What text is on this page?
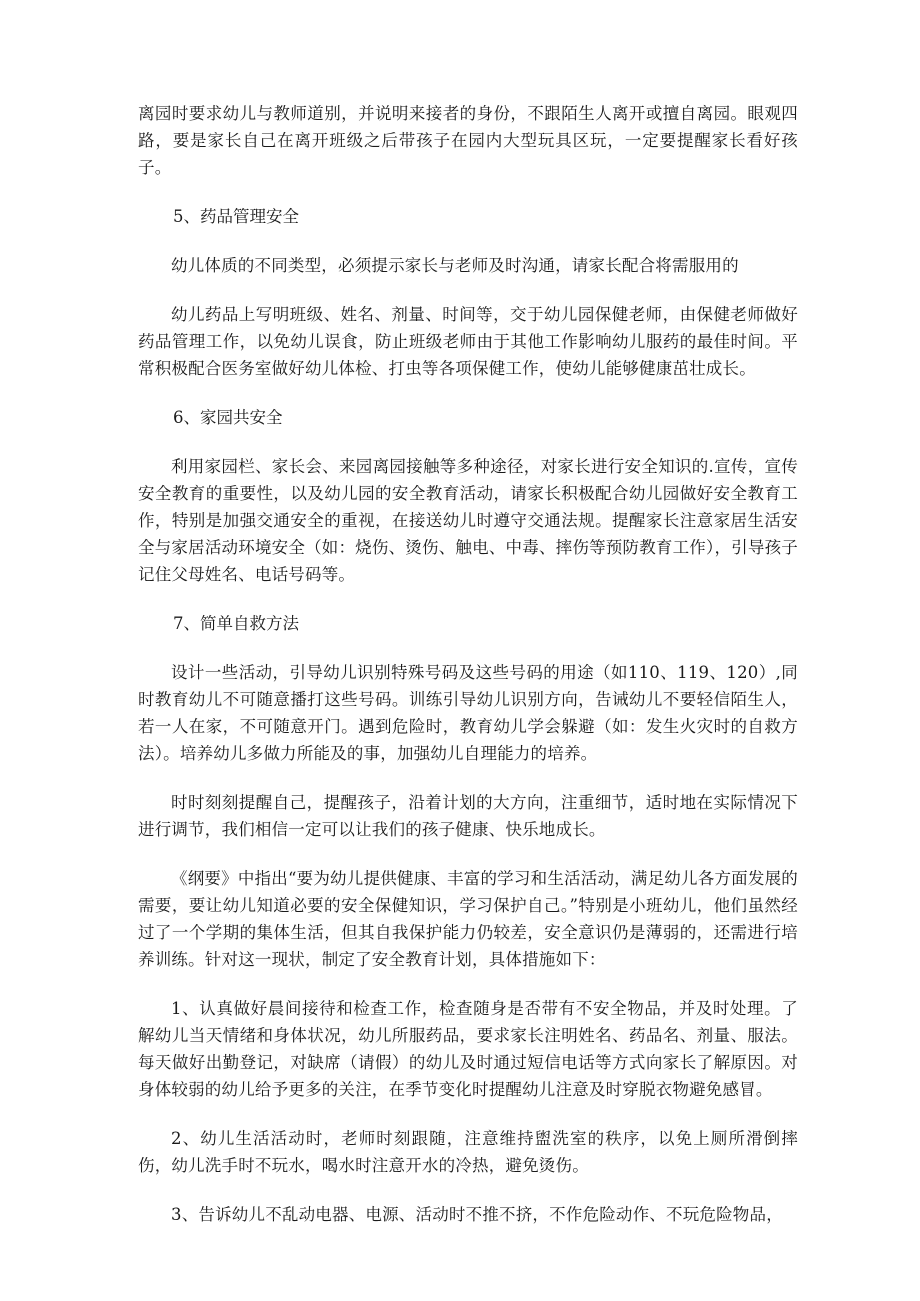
离园时要求幼儿与教师道别，并说明来接者的身份，不跟陌生人离开或擅自离园。眼观四路，要是家长自己在离开班级之后带孩子在园内大型玩具区玩，一定要提醒家长看好孩子。

5、药品管理安全

幼儿体质的不同类型，必须提示家长与老师及时沟通，请家长配合将需服用的

幼儿药品上写明班级、姓名、剂量、时间等，交于幼儿园保健老师，由保健老师做好药品管理工作，以免幼儿误食，防止班级老师由于其他工作影响幼儿服药的最佳时间。平常积极配合医务室做好幼儿体检、打虫等各项保健工作，使幼儿能够健康茁壮成长。

6、家园共安全

利用家园栏、家长会、来园离园接触等多种途径，对家长进行安全知识的.宣传，宣传安全教育的重要性，以及幼儿园的安全教育活动，请家长积极配合幼儿园做好安全教育工作，特别是加强交通安全的重视，在接送幼儿时遵守交通法规。提醒家长注意家居生活安全与家居活动环境安全（如：烧伤、烫伤、触电、中毒、摔伤等预防教育工作），引导孩子记住父母姓名、电话号码等。

7、简单自救方法

设计一些活动，引导幼儿识别特殊号码及这些号码的用途（如110、119、120）,同时教育幼儿不可随意播打这些号码。训练引导幼儿识别方向，告诫幼儿不要轻信陌生人，若一人在家，不可随意开门。遇到危险时，教育幼儿学会躲避（如：发生火灾时的自救方法）。培养幼儿多做力所能及的事，加强幼儿自理能力的培养。

时时刻刻提醒自己，提醒孩子，沿着计划的大方向，注重细节，适时地在实际情况下进行调节，我们相信一定可以让我们的孩子健康、快乐地成长。

《纲要》中指出“要为幼儿提供健康、丰富的学习和生活活动，满足幼儿各方面发展的需要，要让幼儿知道必要的安全保健知识，学习保护自己。”特别是小班幼儿，他们虽然经过了一个学期的集体生活，但其自我保护能力仍较差，安全意识仍是薄弱的，还需进行培养训练。针对这一现状，制定了安全教育计划，具体措施如下：

1、认真做好晨间接待和检查工作，检查随身是否带有不安全物品，并及时处理。了解幼儿当天情绪和身体状况，幼儿所服药品，要求家长注明姓名、药品名、剂量、服法。每天做好出勤登记，对缺席（请假）的幼儿及时通过短信电话等方式向家长了解原因。对身体较弱的幼儿给予更多的关注，在季节变化时提醒幼儿注意及时穿脱衣物避免感冒。

2、幼儿生活活动时，老师时刻跟随，注意维持盥洗室的秩序，以免上厕所滑倒摔伤，幼儿洗手时不玩水，喝水时注意开水的冷热，避免烫伤。

3、告诉幼儿不乱动电器、电源、活动时不推不挤，不作危险动作、不玩危险物品，
